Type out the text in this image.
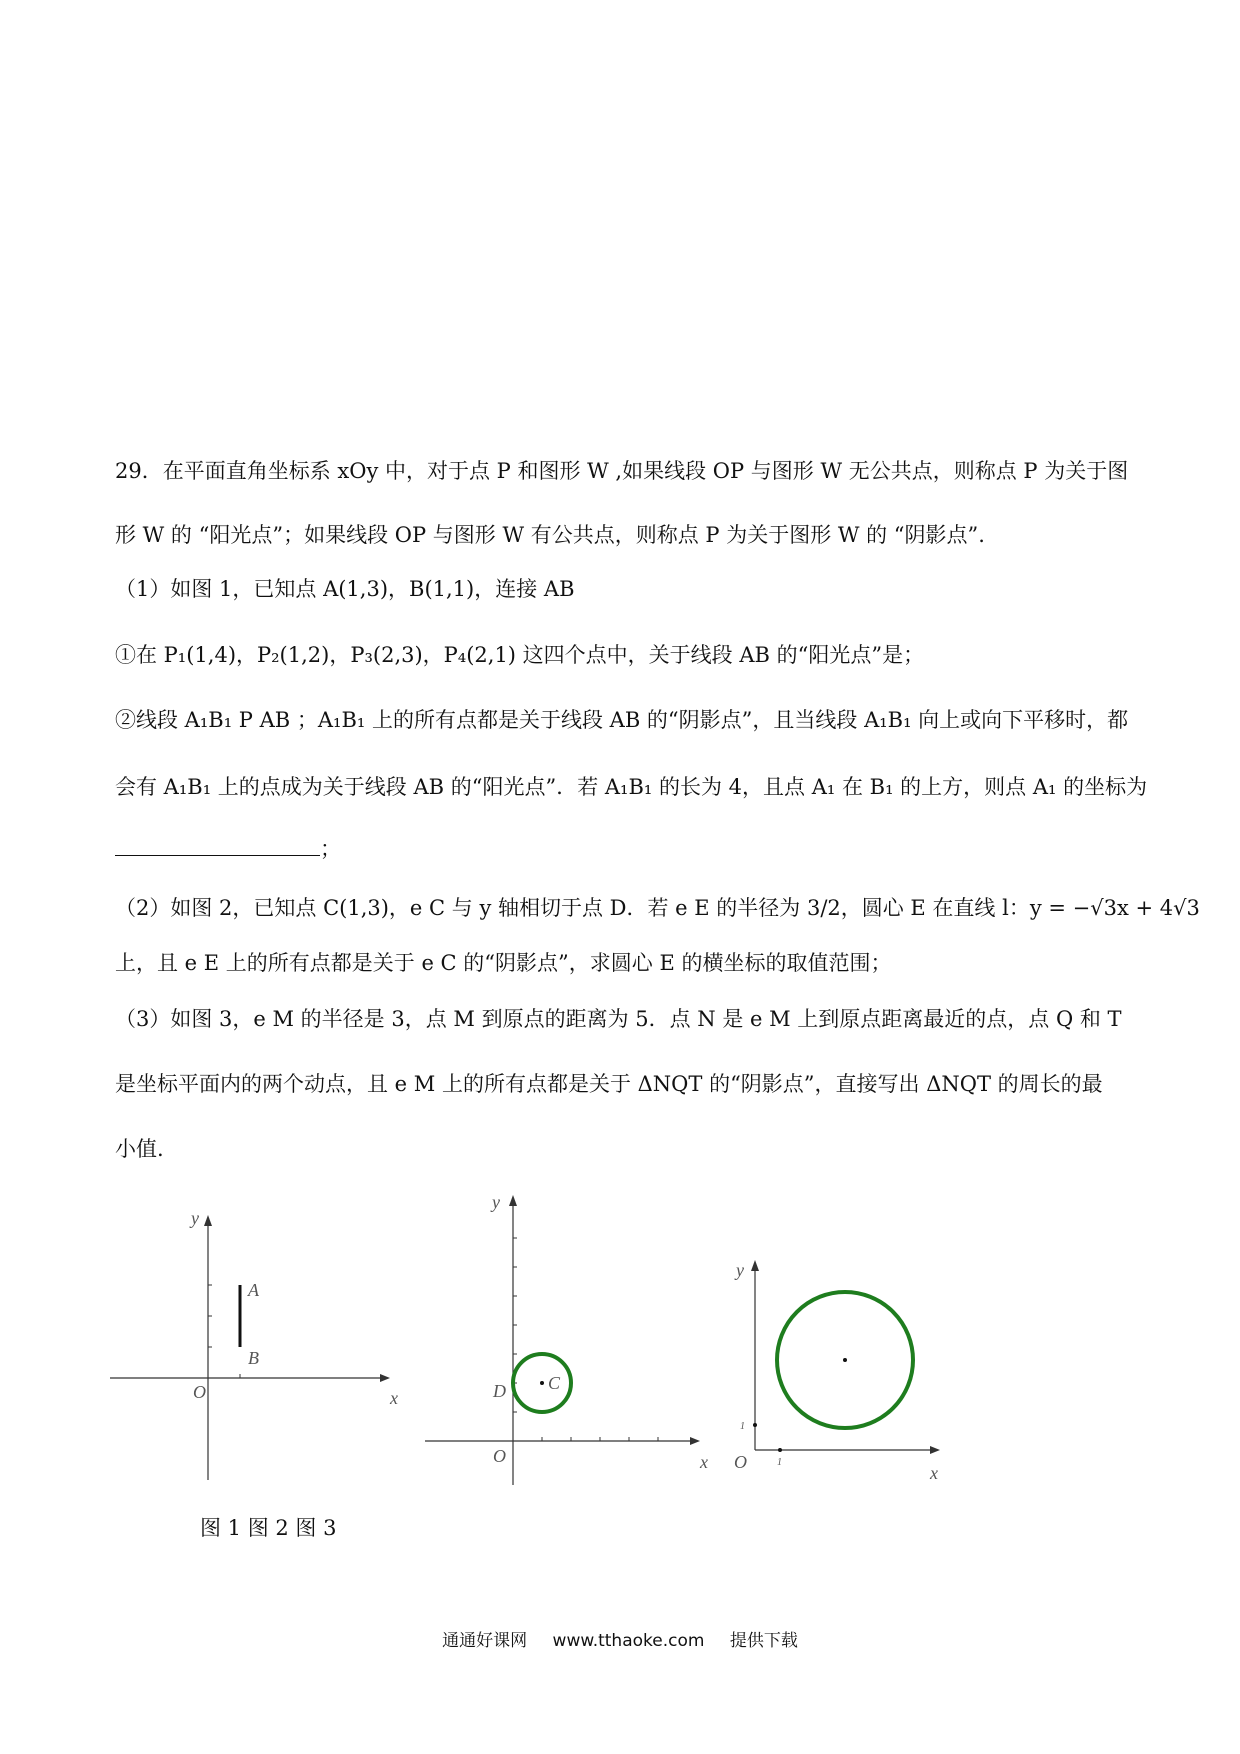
29．在平面直角坐标系 xOy 中，对于点 P 和图形 W ,如果线段 OP 与图形 W 无公共点，则称点 P 为关于图
形 W 的 “阳光点”；如果线段 OP 与图形 W 有公共点，则称点 P 为关于图形 W 的 “阴影点”.
（1）如图 1，已知点 A(1,3)，B(1,1)，连接 AB
①在 P₁(1,4)，P₂(1,2)，P₃(2,3)，P₄(2,1) 这四个点中，关于线段 AB 的“阳光点”是；
②线段 A₁B₁ P AB ；A₁B₁ 上的所有点都是关于线段 AB 的“阴影点”，且当线段 A₁B₁ 向上或向下平移时，都
会有 A₁B₁ 上的点成为关于线段 AB 的“阳光点”．若 A₁B₁ 的长为 4，且点 A₁ 在 B₁ 的上方，则点 A₁ 的坐标为
；
（2）如图 2，已知点 C(1,3)，e C 与 y 轴相切于点 D．若 e E 的半径为 3/2，圆心 E 在直线 l：y = −√3x + 4√3
上，且 e E 上的所有点都是关于 e C 的“阴影点”，求圆心 E 的横坐标的取值范围；
（3）如图 3，e M 的半径是 3，点 M 到原点的距离为 5．点 N 是 e M 上到原点距离最近的点，点 Q 和 T
是坐标平面内的两个动点，且 e M 上的所有点都是关于 ΔNQT 的“阴影点”，直接写出 ΔNQT 的周长的最
小值.
y
x
O
A
B
y
x
O
C
D
y
x
O	1
1
图 1 图 2 图 3
通通好课网 www.tthaoke.com 提供下载
